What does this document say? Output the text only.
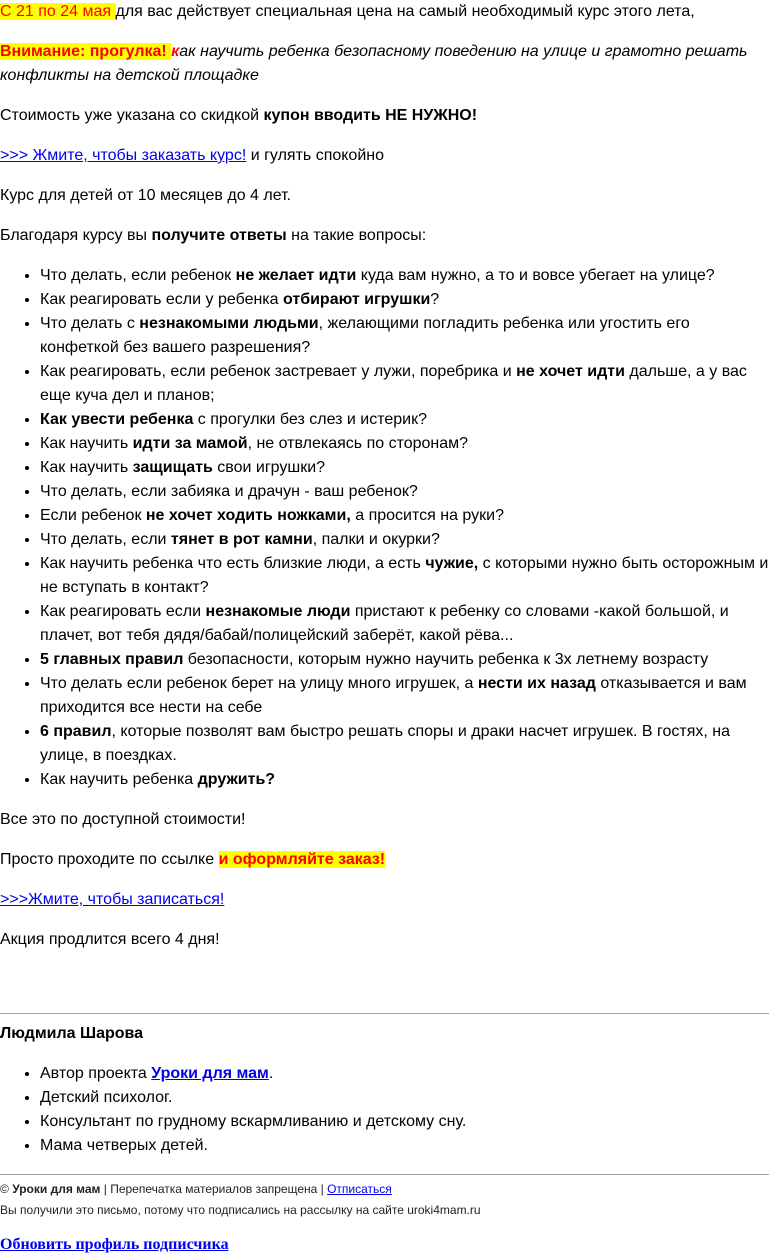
С 21 по 24 мая для вас действует специальная цена на самый необходимый курс этого лета,

Внимание: прогулка! как научить ребенка безопасному поведению на улице и грамотно решать конфликты на детской площадке

Стоимость уже указана со скидкой купон вводить НЕ НУЖНО!

>>> Жмите, чтобы заказать курс! и гулять спокойно

Курс для детей от 10 месяцев до 4 лет.

Благодаря курсу вы получите ответы на такие вопросы:

• Что делать, если ребенок не желает идти куда вам нужно, а то и вовсе убегает на улице?
• Как реагировать если у ребенка отбирают игрушки?
• Что делать с незнакомыми людьми, желающими погладить ребенка или угостить его конфеткой без вашего разрешения?
• Как реагировать, если ребенок застревает у лужи, поребрика и не хочет идти дальше, а у вас еще куча дел и планов;
• Как увести ребенка с прогулки без слез и истерик?
• Как научить идти за мамой, не отвлекаясь по сторонам?
• Как научить защищать свои игрушки?
• Что делать, если забияка и драчун - ваш ребенок?
• Если ребенок не хочет ходить ножками, а просится на руки?
• Что делать, если тянет в рот камни, палки и окурки?
• Как научить ребенка что есть близкие люди, а есть чужие, с которыми нужно быть осторожным и не вступать в контакт?
• Как реагировать если незнакомые люди пристают к ребенку со словами -какой большой, и плачет, вот тебя дядя/бабай/полицейский заберёт, какой рёва...
• 5 главных правил безопасности, которым нужно научить ребенка к 3х летнему возрасту
• Что делать если ребенок берет на улицу много игрушек, а нести их назад отказывается и вам приходится все нести на себе
• 6 правил, которые позволят вам быстро решать споры и драки насчет игрушек. В гостях, на улице, в поездках.
• Как научить ребенка дружить?

Все это по доступной стоимости!

Просто проходите по ссылке и оформляйте заказ!

>>>Жмите, чтобы записаться!

Акция продлится всего 4 дня!

Людмила Шарова
• Автор проекта Уроки для мам.
• Детский психолог.
• Консультант по грудному вскармливанию и детскому сну.
• Мама четверых детей.
© Уроки для мам | Перепечатка материалов запрещена | Отписаться
Вы получили это письмо, потому что подписались на рассылку на сайте uroki4mam.ru
Обновить профиль подписчика
